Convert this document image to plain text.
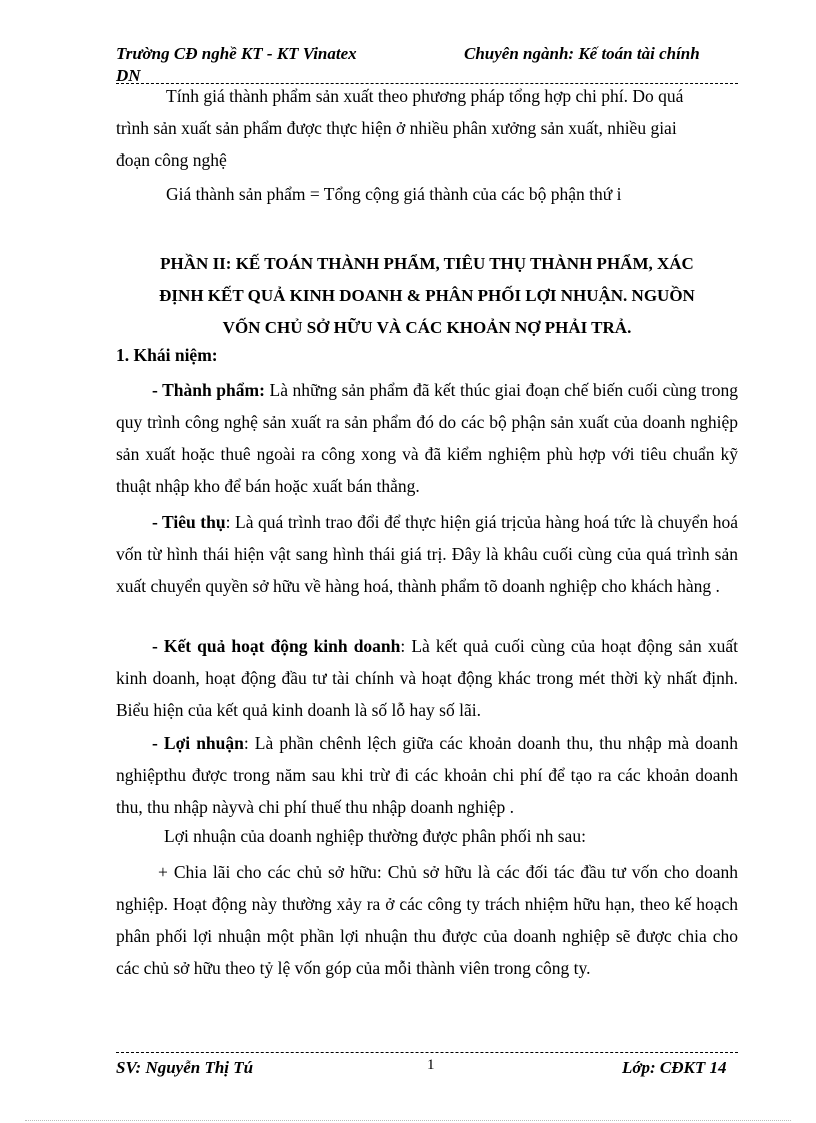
Trường CĐ nghề KT - KT Vinatex
DN
Chuyên ngành: Kế toán tài chính
Tính giá thành phẩm sản xuất theo phương pháp tổng hợp chi phí. Do quá
trình sản xuất sản phẩm được thực hiện ở nhiều phân xưởng sản xuất, nhiều giai
đoạn công nghệ
Giá thành sản phẩm = Tổng cộng giá thành của các bộ phận thứ i
PHẦN II: KẾ TOÁN THÀNH PHẨM, TIÊU THỤ THÀNH PHẨM, XÁC
ĐỊNH KẾT QUẢ KINH DOANH & PHÂN PHỐI LỢI NHUẬN. NGUỒN
VỐN CHỦ SỞ HỮU VÀ CÁC KHOẢN NỢ PHẢI TRẢ.
1. Khái niệm:

- Thành phẩm: Là những sản phẩm đã kết thúc giai đoạn chế biến cuối cùng trong quy trình công nghệ sản xuất ra sản phẩm đó do các bộ phận sản xuất của doanh nghiệp sản xuất hoặc thuê ngoài ra công xong và đã kiểm nghiệm phù hợp với tiêu chuẩn kỹ thuật nhập kho để bán hoặc xuất bán thẳng.

- Tiêu thụ: Là quá trình trao đổi để thực hiện giá trịcủa hàng hoá tức là chuyển hoá vốn từ hình thái hiện vật sang hình thái giá trị. Đây là khâu cuối cùng của quá trình sản xuất chuyển quyền sở hữu về hàng hoá, thành phẩm tõ doanh nghiệp cho khách hàng .

- Kết quả hoạt động kinh doanh: Là kết quả cuối cùng của hoạt động sản xuất kinh doanh, hoạt động đầu tư tài chính và hoạt động khác trong mét thời kỳ nhất định. Biểu hiện của kết quả kinh doanh là số lỗ hay số lãi.

- Lợi nhuận: Là phần chênh lệch giữa các khoản doanh thu, thu nhập mà doanh nghiệpthu được trong năm sau khi trừ đi các khoản chi phí để tạo ra các khoản doanh thu, thu nhập nàyvà chi phí thuế thu nhập doanh nghiệp .

Lợi nhuận của doanh nghiệp thường được phân phối nh sau:

+ Chia lãi cho các chủ sở hữu: Chủ sở hữu là các đối tác đầu tư vốn cho doanh nghiệp. Hoạt động này thường xảy ra ở các công ty trách nhiệm hữu hạn, theo kế hoạch phân phối lợi nhuận một phần lợi nhuận thu được của doanh nghiệp sẽ được chia cho các chủ sở hữu theo tỷ lệ vốn góp của mỗi thành viên trong công ty.

SV: Nguyễn Thị Tú	1	Lớp: CĐKT 14
